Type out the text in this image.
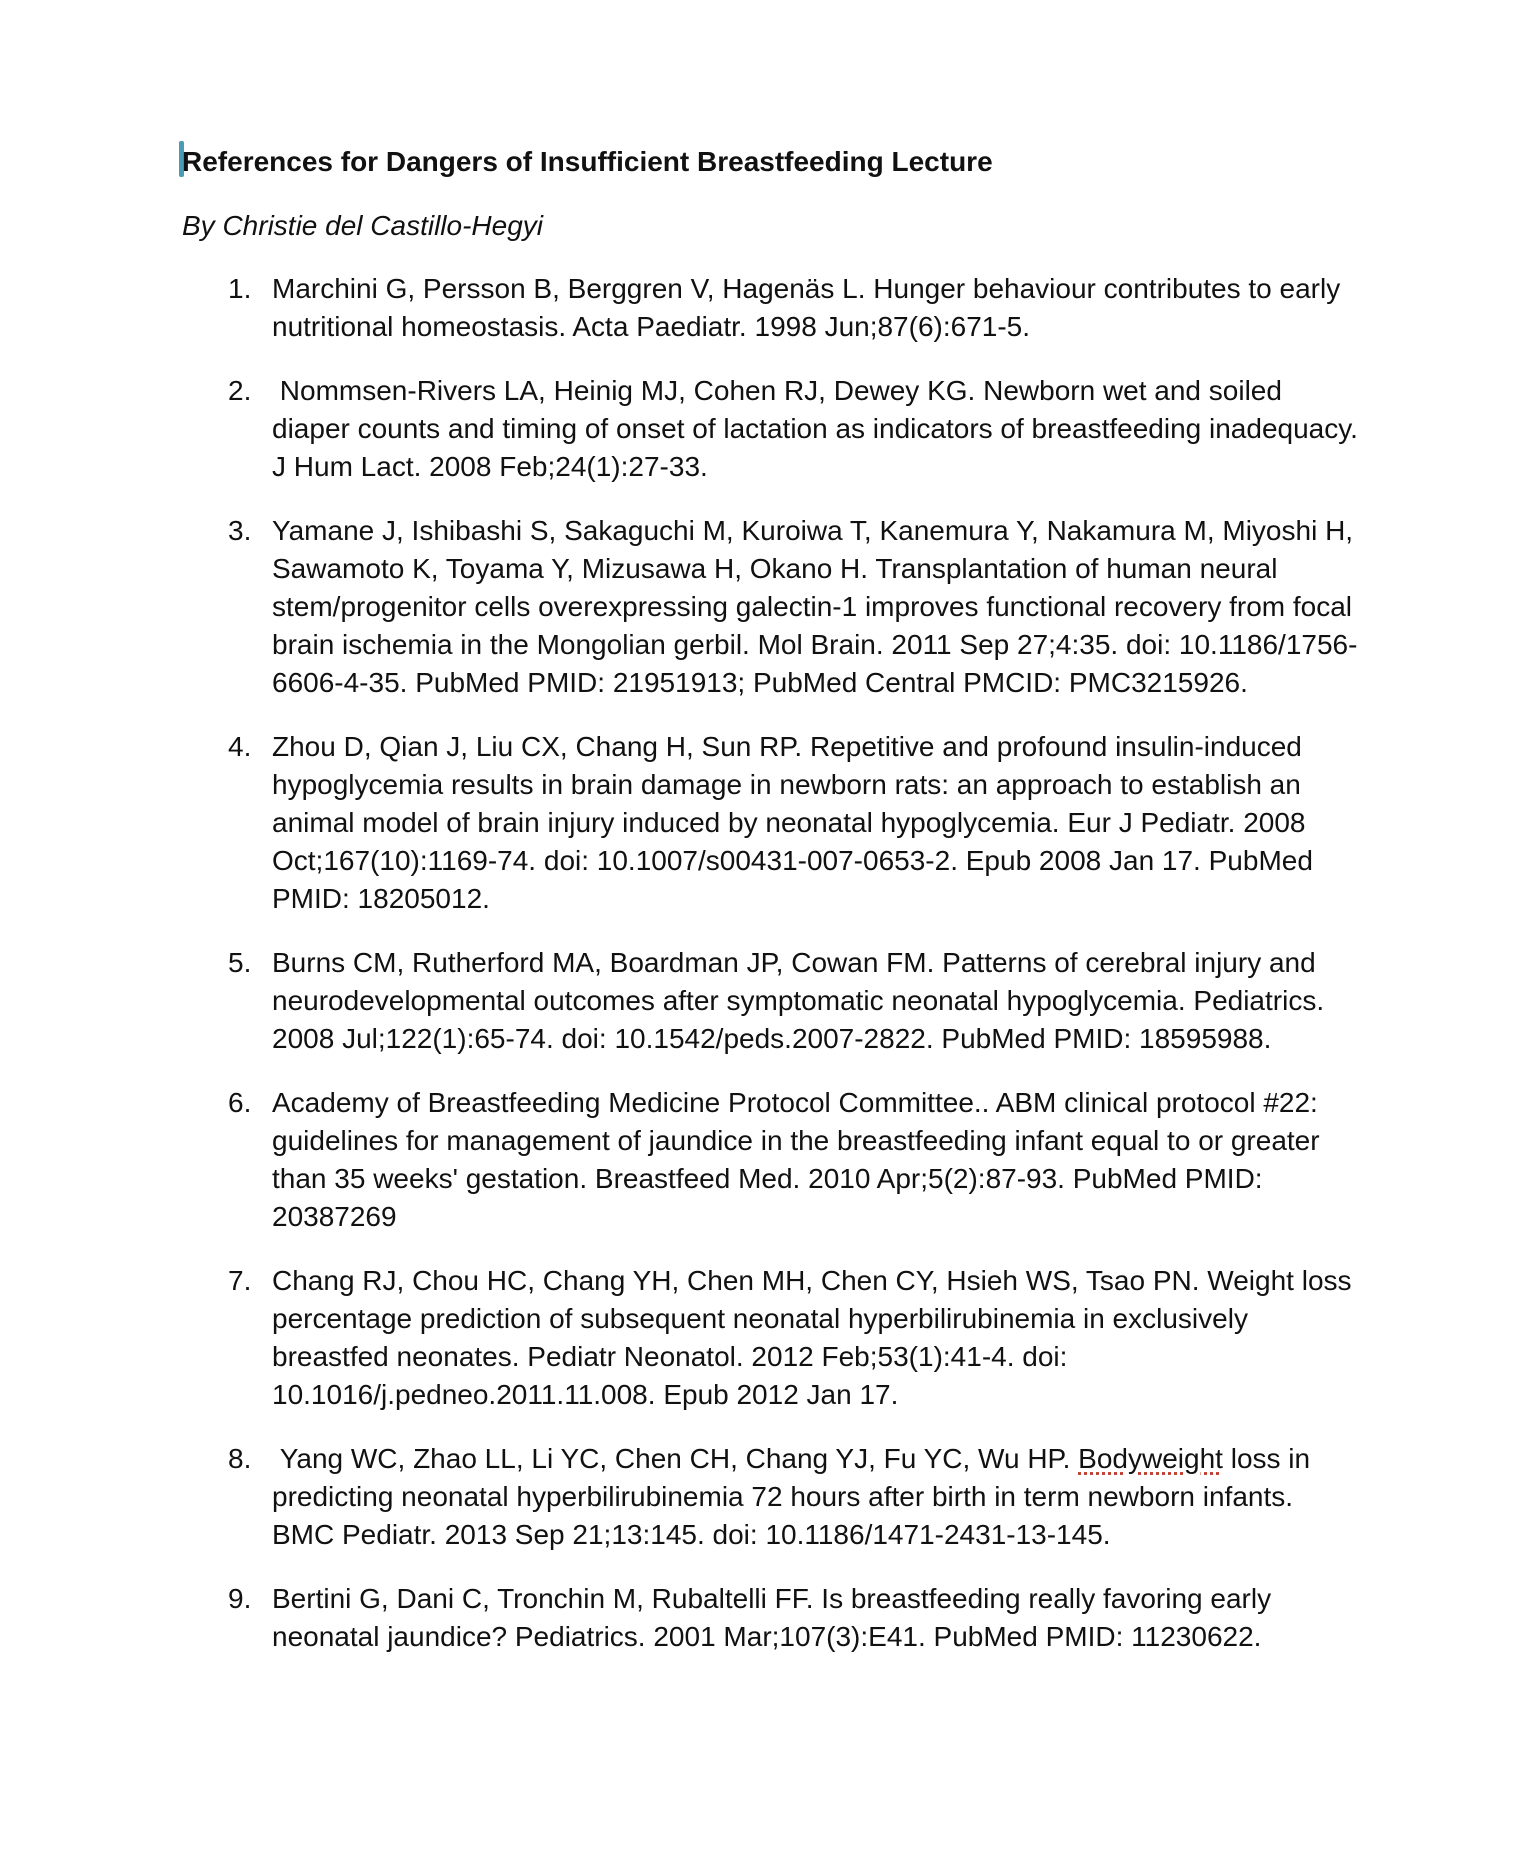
References for Dangers of Insufficient Breastfeeding Lecture
By Christie del Castillo-Hegyi
1. Marchini G, Persson B, Berggren V, Hagenäs L. Hunger behaviour contributes to early nutritional homeostasis. Acta Paediatr. 1998 Jun;87(6):671-5.
2. Nommsen-Rivers LA, Heinig MJ, Cohen RJ, Dewey KG. Newborn wet and soiled diaper counts and timing of onset of lactation as indicators of breastfeeding inadequacy. J Hum Lact. 2008 Feb;24(1):27-33.
3. Yamane J, Ishibashi S, Sakaguchi M, Kuroiwa T, Kanemura Y, Nakamura M, Miyoshi H, Sawamoto K, Toyama Y, Mizusawa H, Okano H. Transplantation of human neural stem/progenitor cells overexpressing galectin-1 improves functional recovery from focal brain ischemia in the Mongolian gerbil. Mol Brain. 2011 Sep 27;4:35. doi: 10.1186/1756-6606-4-35. PubMed PMID: 21951913; PubMed Central PMCID: PMC3215926.
4. Zhou D, Qian J, Liu CX, Chang H, Sun RP. Repetitive and profound insulin-induced hypoglycemia results in brain damage in newborn rats: an approach to establish an animal model of brain injury induced by neonatal hypoglycemia. Eur J Pediatr. 2008 Oct;167(10):1169-74. doi: 10.1007/s00431-007-0653-2. Epub 2008 Jan 17. PubMed PMID: 18205012.
5. Burns CM, Rutherford MA, Boardman JP, Cowan FM. Patterns of cerebral injury and neurodevelopmental outcomes after symptomatic neonatal hypoglycemia. Pediatrics. 2008 Jul;122(1):65-74. doi: 10.1542/peds.2007-2822. PubMed PMID: 18595988.
6. Academy of Breastfeeding Medicine Protocol Committee.. ABM clinical protocol #22: guidelines for management of jaundice in the breastfeeding infant equal to or greater than 35 weeks' gestation. Breastfeed Med. 2010 Apr;5(2):87-93. PubMed PMID: 20387269
7. Chang RJ, Chou HC, Chang YH, Chen MH, Chen CY, Hsieh WS, Tsao PN. Weight loss percentage prediction of subsequent neonatal hyperbilirubinemia in exclusively breastfed neonates. Pediatr Neonatol. 2012 Feb;53(1):41-4. doi: 10.1016/j.pedneo.2011.11.008. Epub 2012 Jan 17.
8. Yang WC, Zhao LL, Li YC, Chen CH, Chang YJ, Fu YC, Wu HP. Bodyweight loss in predicting neonatal hyperbilirubinemia 72 hours after birth in term newborn infants. BMC Pediatr. 2013 Sep 21;13:145. doi: 10.1186/1471-2431-13-145.
9. Bertini G, Dani C, Tronchin M, Rubaltelli FF. Is breastfeeding really favoring early neonatal jaundice? Pediatrics. 2001 Mar;107(3):E41. PubMed PMID: 11230622.
